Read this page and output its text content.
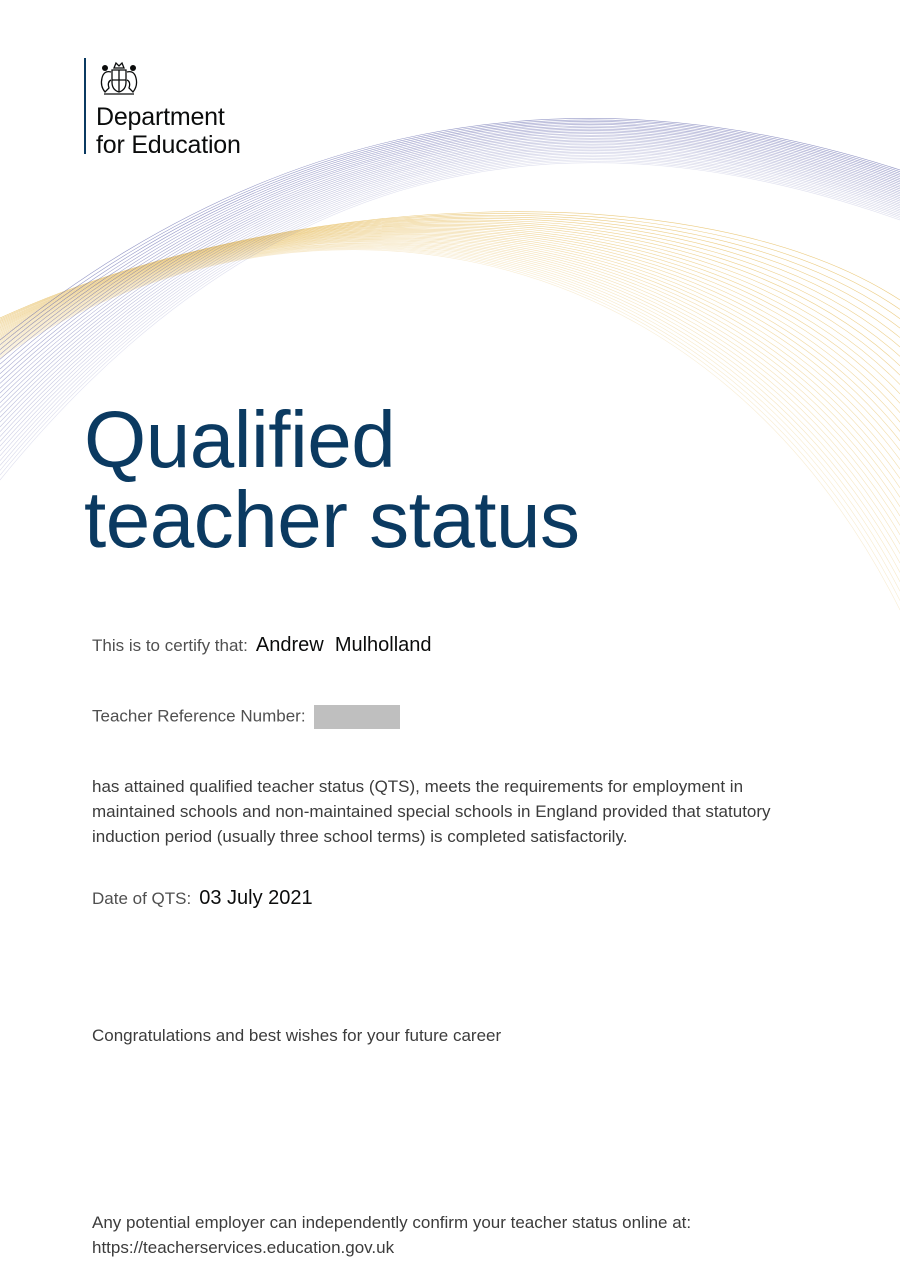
Department
for Education
Qualified
teacher status
This is to certify that: Andrew  Mulholland
Teacher Reference Number:

has attained qualified teacher status (QTS), meets the requirements for employment in maintained schools and non-maintained special schools in England provided that statutory induction period (usually three school terms) is completed satisfactorily.

Date of QTS: 03 July 2021

Congratulations and best wishes for your future career

Any potential employer can independently confirm your teacher status online at:
https://teacherservices.education.gov.uk
